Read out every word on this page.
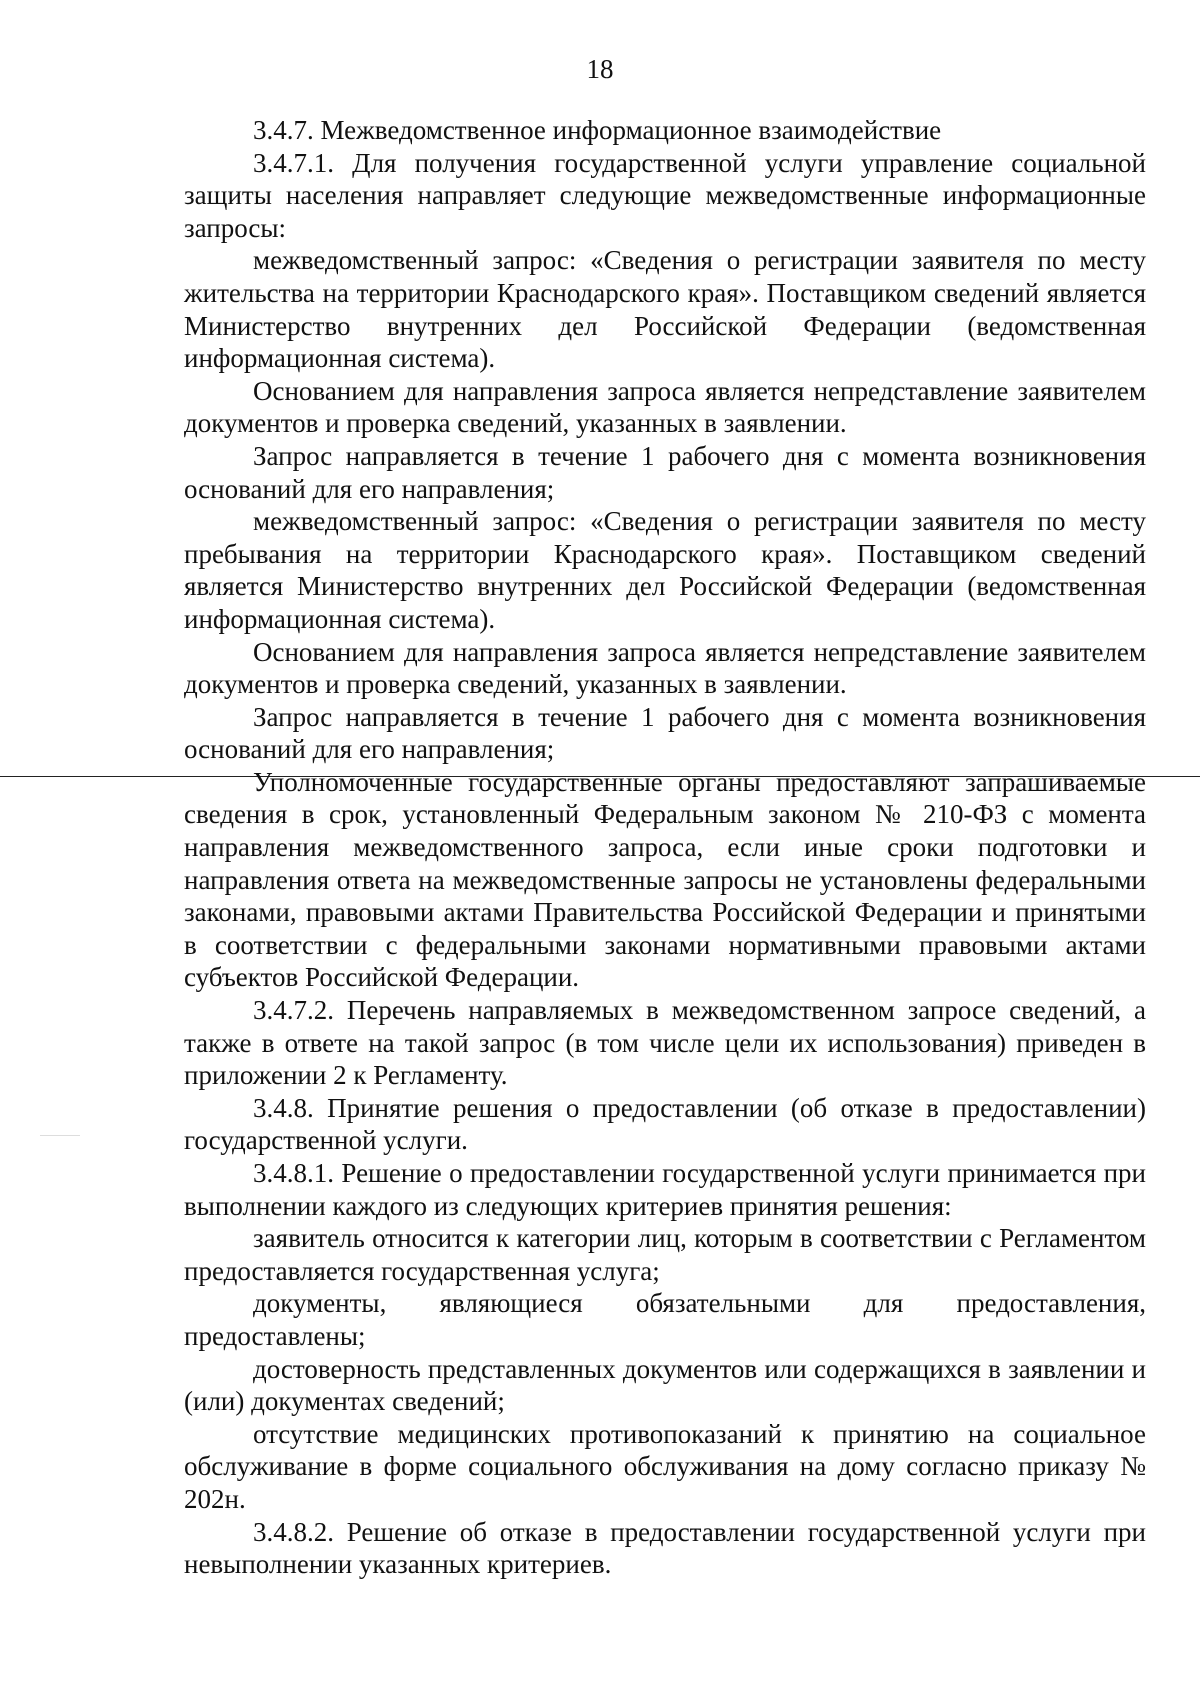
18

3.4.7. Межведомственное информационное взаимодействие

3.4.7.1. Для получения государственной услуги управление социальной защиты населения направляет следующие межведомственные информационные запросы:

межведомственный запрос: «Сведения о регистрации заявителя по месту жительства на территории Краснодарского края». Поставщиком сведений является Министерство внутренних дел Российской Федерации (ведомственная информационная система).

Основанием для направления запроса является непредставление заявителем документов и проверка сведений, указанных в заявлении.

Запрос направляется в течение 1 рабочего дня с момента возникновения оснований для его направления;

межведомственный запрос: «Сведения о регистрации заявителя по месту пребывания на территории Краснодарского края». Поставщиком сведений является Министерство внутренних дел Российской Федерации (ведомственная информационная система).

Основанием для направления запроса является непредставление заявителем документов и проверка сведений, указанных в заявлении.

Запрос направляется в течение 1 рабочего дня с момента возникновения оснований для его направления;

Уполномоченные государственные органы предоставляют запрашиваемые сведения в срок, установленный Федеральным законом № 210-ФЗ с момента направления межведомственного запроса, если иные сроки подготовки и направления ответа на межведомственные запросы не установлены федеральными законами, правовыми актами Правительства Российской Федерации и принятыми в соответствии с федеральными законами нормативными правовыми актами субъектов Российской Федерации.

3.4.7.2. Перечень направляемых в межведомственном запросе сведений, а также в ответе на такой запрос (в том числе цели их использования) приведен в приложении 2 к Регламенту.

3.4.8. Принятие решения о предоставлении (об отказе в предоставлении) государственной услуги.

3.4.8.1. Решение о предоставлении государственной услуги принимается при выполнении каждого из следующих критериев принятия решения:

заявитель относится к категории лиц, которым в соответствии с Регламентом предоставляется государственная услуга;

документы, являющиеся обязательными для предоставления, предоставлены;

достоверность представленных документов или содержащихся в заявлении и (или) документах сведений;

отсутствие медицинских противопоказаний к принятию на социальное обслуживание в форме социального обслуживания на дому согласно приказу № 202н.

3.4.8.2. Решение об отказе в предоставлении государственной услуги при невыполнении указанных критериев.
